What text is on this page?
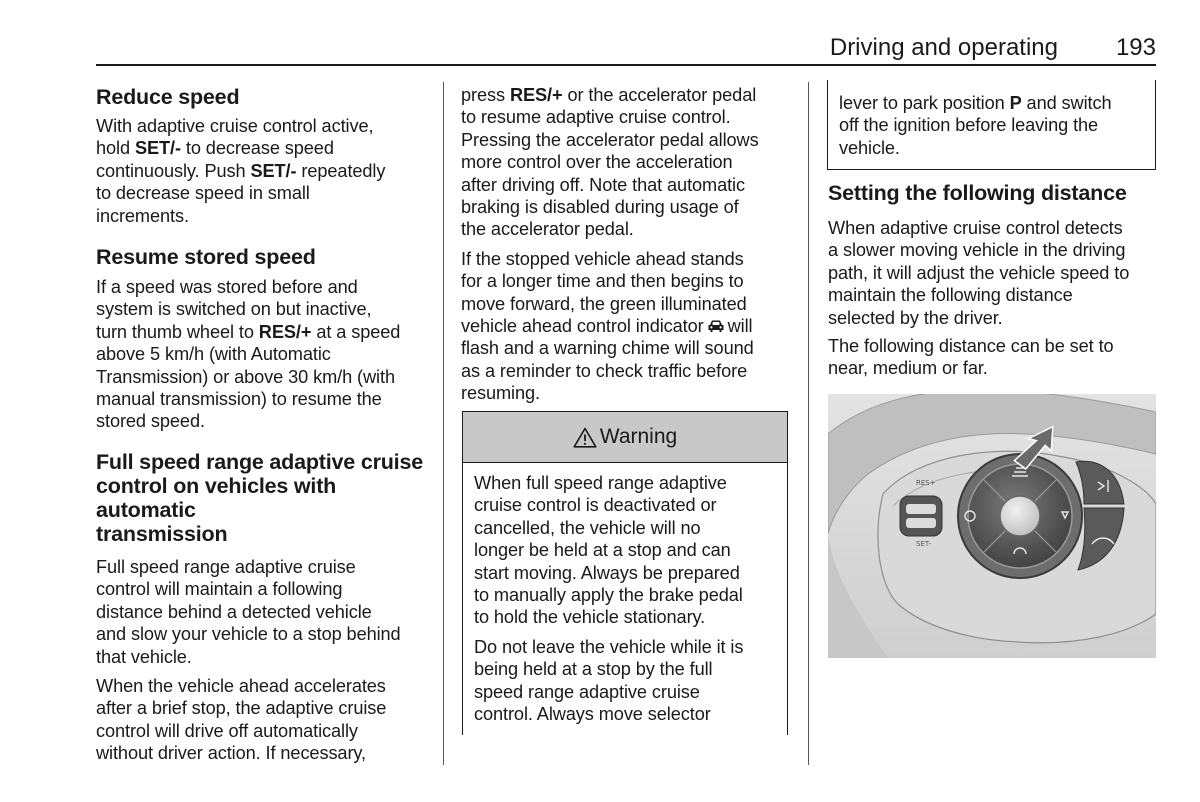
Driving and operating 193
Reduce speed

With adaptive cruise control active,
hold SET/- to decrease speed
continuously. Push SET/- repeatedly
to decrease speed in small
increments.

Resume stored speed

If a speed was stored before and
system is switched on but inactive,
turn thumb wheel to RES/+ at a speed
above 5 km/h (with Automatic
Transmission) or above 30 km/h (with
manual transmission) to resume the
stored speed.

Full speed range adaptive cruise
control on vehicles with automatic
transmission

Full speed range adaptive cruise
control will maintain a following
distance behind a detected vehicle
and slow your vehicle to a stop behind
that vehicle.

When the vehicle ahead accelerates
after a brief stop, the adaptive cruise
control will drive off automatically
without driver action. If necessary,

press RES/+ or the accelerator pedal
to resume adaptive cruise control.
Pressing the accelerator pedal allows
more control over the acceleration
after driving off. Note that automatic
braking is disabled during usage of
the accelerator pedal.

If the stopped vehicle ahead stands
for a longer time and then begins to
move forward, the green illuminated
vehicle ahead control indicator will
flash and a warning chime will sound
as a reminder to check traffic before
resuming.

Warning

When full speed range adaptive
cruise control is deactivated or
cancelled, the vehicle will no
longer be held at a stop and can
start moving. Always be prepared
to manually apply the brake pedal
to hold the vehicle stationary.

Do not leave the vehicle while it is
being held at a stop by the full
speed range adaptive cruise
control. Always move selector

lever to park position P and switch
off the ignition before leaving the
vehicle.

Setting the following distance

When adaptive cruise control detects
a slower moving vehicle in the driving
path, it will adjust the vehicle speed to
maintain the following distance
selected by the driver.

The following distance can be set to
near, medium or far.

RES+
SET-
